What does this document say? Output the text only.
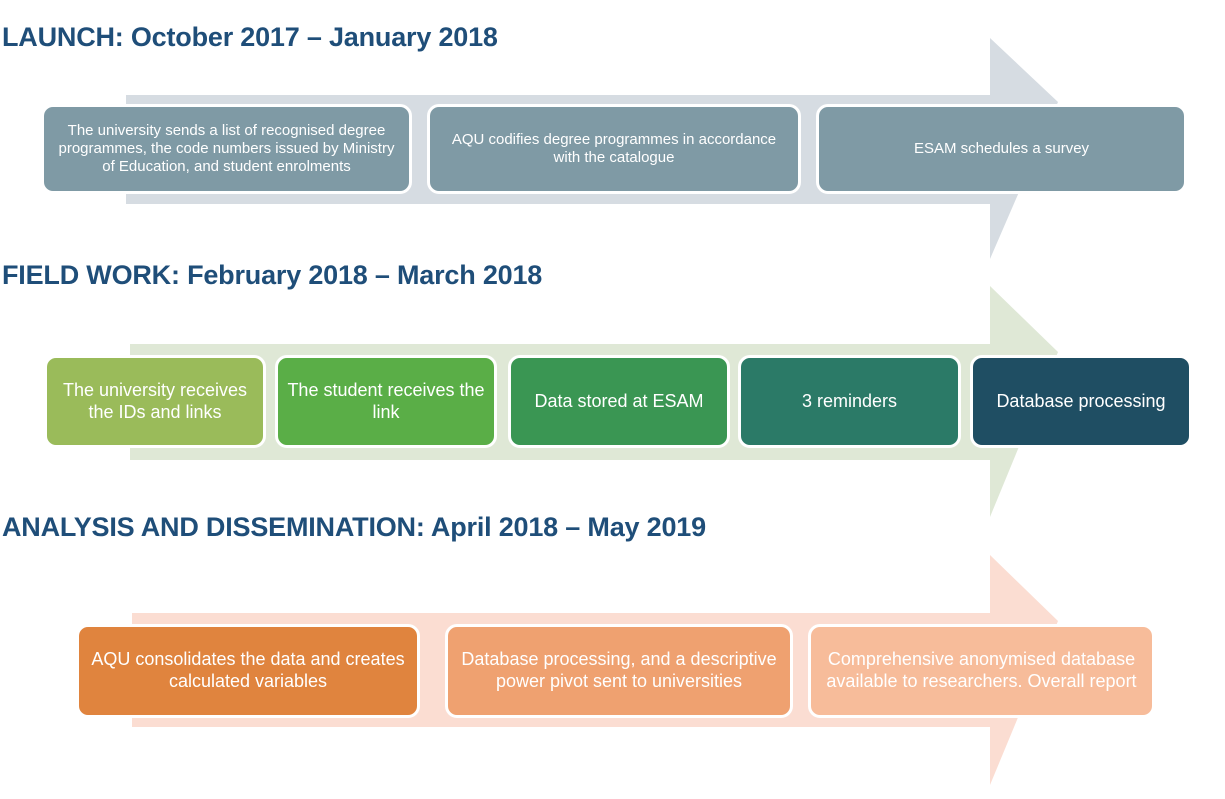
LAUNCH: October 2017 – January 2018
The university sends a list of recognised degree programmes, the code numbers issued by Ministry of Education, and student enrolments
AQU codifies degree programmes in accordance with the catalogue
ESAM schedules a survey
FIELD WORK: February 2018 – March 2018
The university receives the IDs and links
The student receives the link
Data stored at ESAM	3 reminders	Database processing
ANALYSIS AND DISSEMINATION: April 2018 – May 2019
AQU consolidates the data and creates calculated variables
Database processing, and a descriptive power pivot sent to universities
Comprehensive anonymised database available to researchers. Overall report
